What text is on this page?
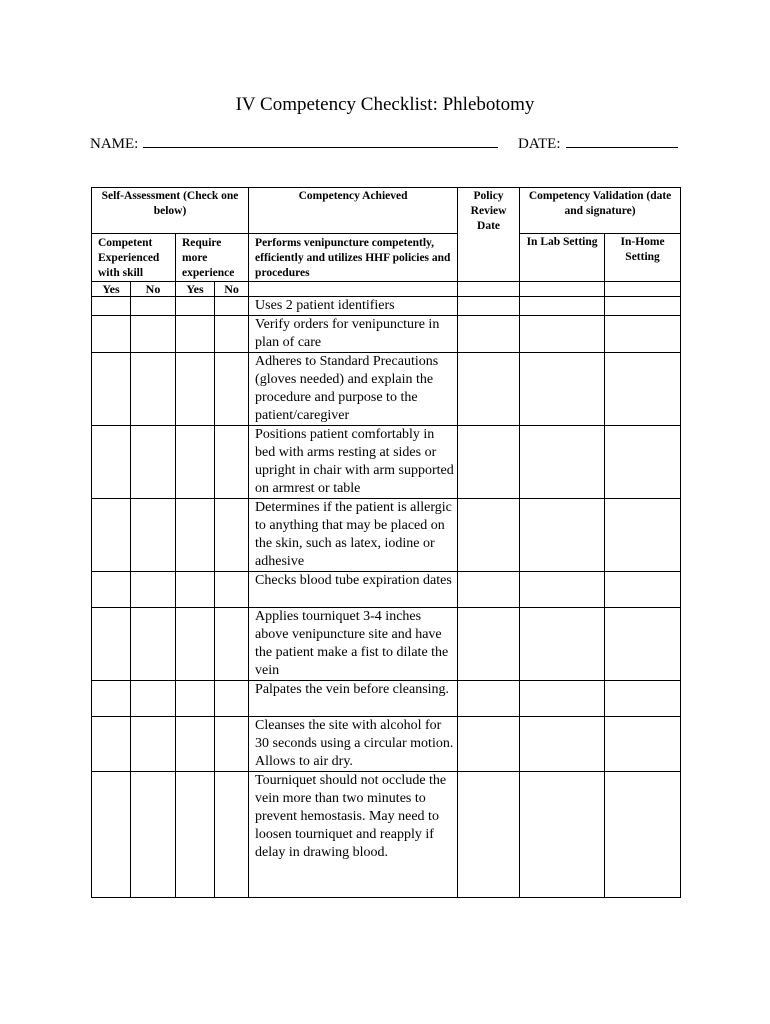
IV Competency Checklist: Phlebotomy
NAME:	DATE:
Self-Assessment (Check one below)				Competency Achieved	Policy Review Date	Competency Validation (date and signature)	
Competent Experienced with skill		Require more experience		Performs venipuncture competently, efficiently and utilizes HHF policies and procedures		In Lab Setting	In-Home Setting
Yes	No	Yes	No				
				Uses 2 patient identifiers			
				Verify orders for venipuncture in plan of care			
				Adheres to Standard Precautions (gloves needed) and explain the procedure and purpose to the patient/caregiver			
				Positions patient comfortably in bed with arms resting at sides or upright in chair with arm supported on armrest or table			
				Determines if the patient is allergic to anything that may be placed on the skin, such as latex, iodine or adhesive			
				Checks blood tube expiration dates			
				Applies tourniquet 3-4 inches above venipuncture site and have the patient make a fist to dilate the vein			
				Palpates the vein before cleansing.			
				Cleanses the site with alcohol for 30 seconds using a circular motion. Allows to air dry.			
				Tourniquet should not occlude the vein more than two minutes to prevent hemostasis. May need to loosen tourniquet and reapply if delay in drawing blood.			
